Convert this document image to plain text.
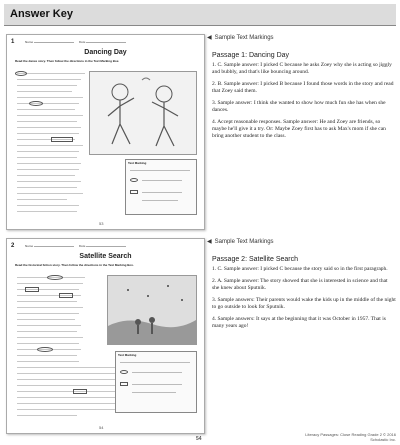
Answer Key
1	Name	Date
Dancing Day
Read the dance story. Then follow the directions in the Text Marking Box.
Text Marking
53
◀ Sample Text Markings
Passage 1: Dancing Day

1. C. Sample answer: I picked C because he asks Zoey why she is acting so jiggly and bubbly, and that's like bouncing around.

2. B. Sample answer: I picked B because I found those words in the story and read that Zoey said them.

3. Sample answer: I think she wanted to show how much fun she has when she dances.

4. Accept reasonable responses. Sample answer: He and Zoey are friends, so maybe he'll give it a try. Or: Maybe Zoey first has to ask Max's mom if she can bring another student to the class.

2	Name	Date
Satellite Search
Read the historical fiction story. Then follow the directions in the Text Marking Box.
Text Marking
54
◀ Sample Text Markings
Passage 2: Satellite Search

1. C. Sample answer: I picked C because the story said so in the first paragraph.

2. A. Sample answer: The story showed that she is interested in science and that she knew about Sputnik.

3. Sample answers: Their parents would wake the kids up in the middle of the night to go outside to look for Sputnik.

4. Sample answers: It says at the beginning that it was October in 1957. That is many years ago!

54
Literacy Passages: Close Reading Grade 2 © 2016 Scholastic Inc.
